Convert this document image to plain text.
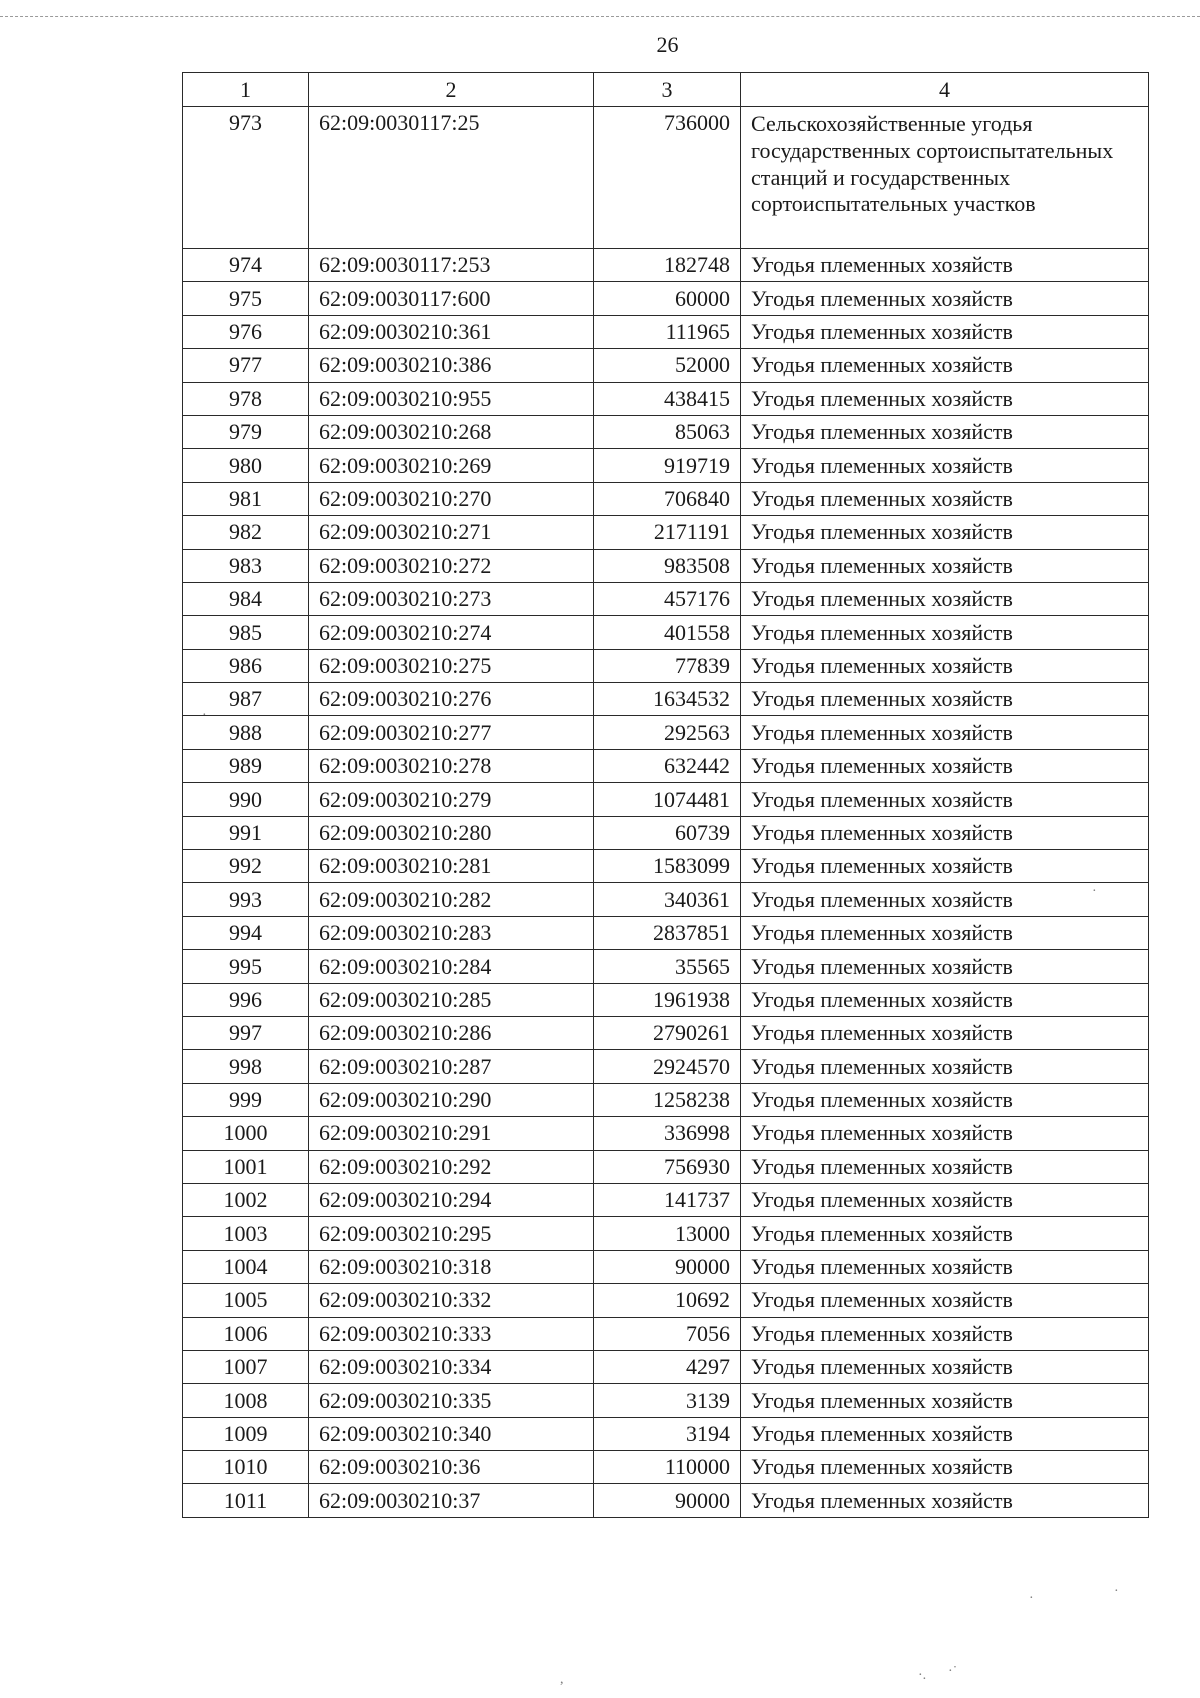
26
1	2	3	4
973	62:09:0030117:25	736000	Сельскохозяйственные угодья государственных сортоиспытательных станций и государственных сортоиспытательных участков
974	62:09:0030117:253	182748	Угодья племенных хозяйств
975	62:09:0030117:600	60000	Угодья племенных хозяйств
976	62:09:0030210:361	111965	Угодья племенных хозяйств
977	62:09:0030210:386	52000	Угодья племенных хозяйств
978	62:09:0030210:955	438415	Угодья племенных хозяйств
979	62:09:0030210:268	85063	Угодья племенных хозяйств
980	62:09:0030210:269	919719	Угодья племенных хозяйств
981	62:09:0030210:270	706840	Угодья племенных хозяйств
982	62:09:0030210:271	2171191	Угодья племенных хозяйств
983	62:09:0030210:272	983508	Угодья племенных хозяйств
984	62:09:0030210:273	457176	Угодья племенных хозяйств
985	62:09:0030210:274	401558	Угодья племенных хозяйств
986	62:09:0030210:275	77839	Угодья племенных хозяйств
987	62:09:0030210:276	1634532	Угодья племенных хозяйств
988	62:09:0030210:277	292563	Угодья племенных хозяйств
989	62:09:0030210:278	632442	Угодья племенных хозяйств
990	62:09:0030210:279	1074481	Угодья племенных хозяйств
991	62:09:0030210:280	60739	Угодья племенных хозяйств
992	62:09:0030210:281	1583099	Угодья племенных хозяйств
993	62:09:0030210:282	340361	Угодья племенных хозяйств
994	62:09:0030210:283	2837851	Угодья племенных хозяйств
995	62:09:0030210:284	35565	Угодья племенных хозяйств
996	62:09:0030210:285	1961938	Угодья племенных хозяйств
997	62:09:0030210:286	2790261	Угодья племенных хозяйств
998	62:09:0030210:287	2924570	Угодья племенных хозяйств
999	62:09:0030210:290	1258238	Угодья племенных хозяйств
1000	62:09:0030210:291	336998	Угодья племенных хозяйств
1001	62:09:0030210:292	756930	Угодья племенных хозяйств
1002	62:09:0030210:294	141737	Угодья племенных хозяйств
1003	62:09:0030210:295	13000	Угодья племенных хозяйств
1004	62:09:0030210:318	90000	Угодья племенных хозяйств
1005	62:09:0030210:332	10692	Угодья племенных хозяйств
1006	62:09:0030210:333	7056	Угодья племенных хозяйств
1007	62:09:0030210:334	4297	Угодья племенных хозяйств
1008	62:09:0030210:335	3139	Угодья племенных хозяйств
1009	62:09:0030210:340	3194	Угодья племенных хозяйств
1010	62:09:0030210:36	110000	Угодья племенных хозяйств
1011	62:09:0030210:37	90000	Угодья племенных хозяйств
·
·
·
·. ·˙
,
·
